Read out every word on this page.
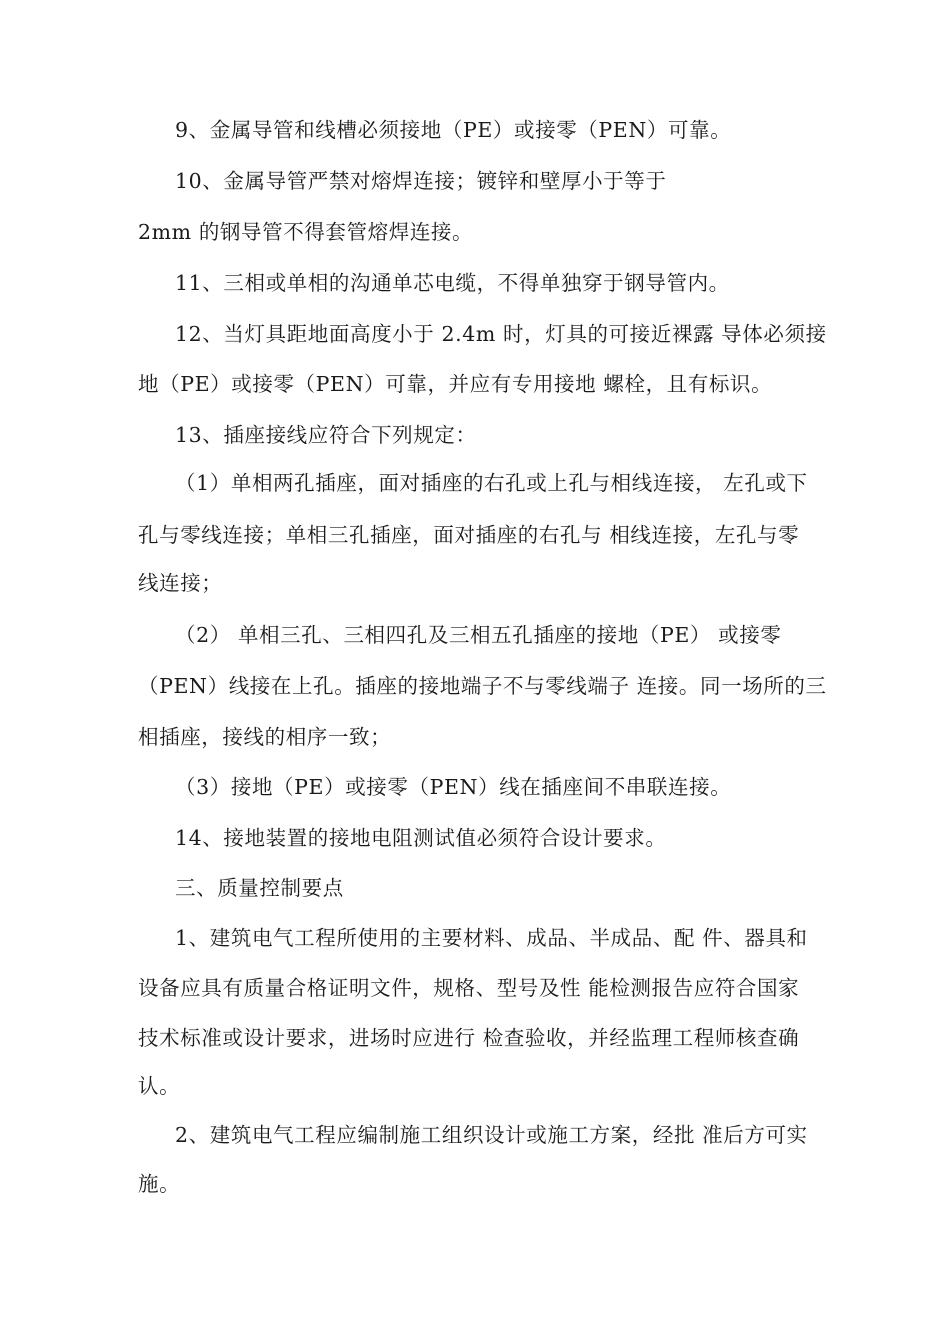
9、金属导管和线槽必须接地（PE）或接零（PEN）可靠。
10、金属导管严禁对熔焊连接；镀锌和壁厚小于等于
2mm 的钢导管不得套管熔焊连接。
11、三相或单相的沟通单芯电缆，不得单独穿于钢导管内。
12、当灯具距地面高度小于 2.4m 时，灯具的可接近裸露 导体必须接
地（PE）或接零（PEN）可靠，并应有专用接地 螺栓，且有标识。
13、插座接线应符合下列规定：
（1）单相两孔插座，面对插座的右孔或上孔与相线连接， 左孔或下
孔与零线连接；单相三孔插座，面对插座的右孔与 相线连接，左孔与零
线连接；
（2） 单相三孔、三相四孔及三相五孔插座的接地（PE） 或接零
（PEN）线接在上孔。插座的接地端子不与零线端子 连接。同一场所的三
相插座，接线的相序一致；
（3）接地（PE）或接零（PEN）线在插座间不串联连接。
14、接地装置的接地电阻测试值必须符合设计要求。
三、质量控制要点
1、建筑电气工程所使用的主要材料、成品、半成品、配 件、器具和
设备应具有质量合格证明文件，规格、型号及性 能检测报告应符合国家
技术标准或设计要求，进场时应进行 检查验收，并经监理工程师核查确
认。
2、建筑电气工程应编制施工组织设计或施工方案，经批 准后方可实
施。
